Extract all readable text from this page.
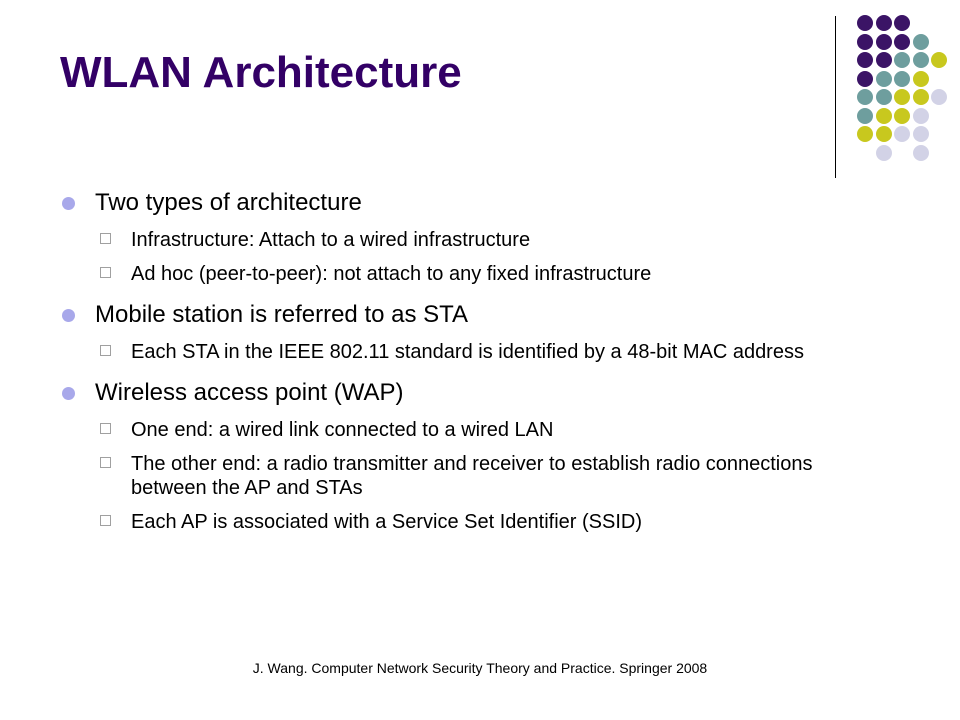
WLAN Architecture
Two types of architecture
Infrastructure: Attach to a wired infrastructure
Ad hoc (peer-to-peer): not attach to any fixed infrastructure
Mobile station is referred to as STA
Each STA in the IEEE 802.11 standard is identified by a 48-bit MAC address
Wireless access point (WAP)
One end: a wired link connected to a wired LAN
The other end: a radio transmitter and receiver to establish radio connections between the AP and STAs
Each AP is associated with a Service Set Identifier (SSID)
J. Wang. Computer Network Security Theory and Practice. Springer 2008
